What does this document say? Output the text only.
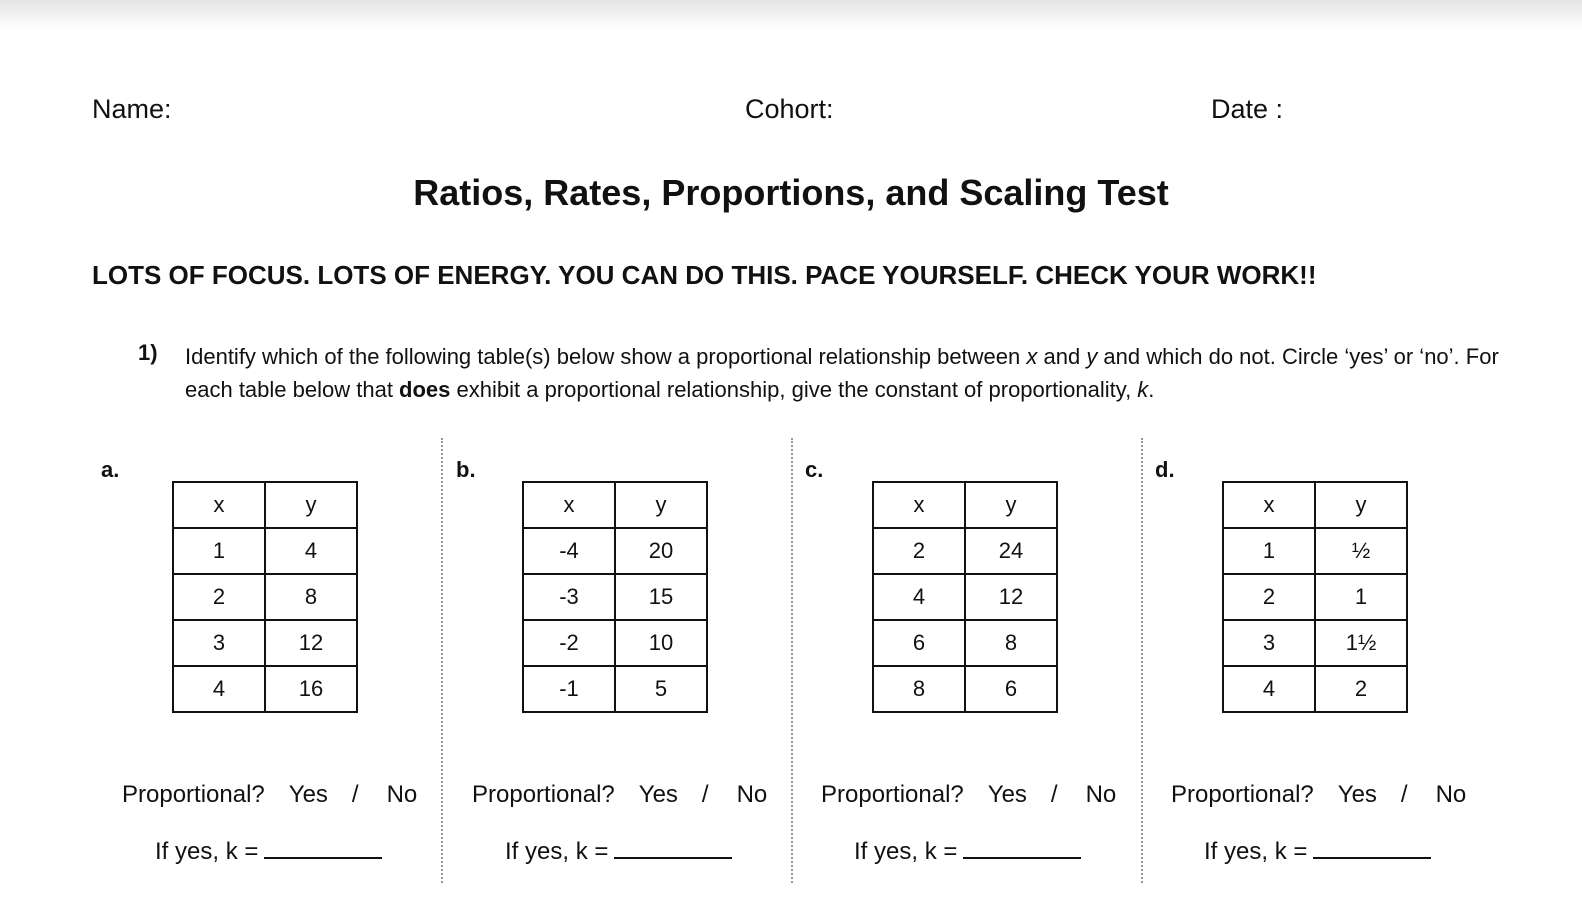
Name:	Cohort:	Date :
Ratios, Rates, Proportions, and Scaling Test
LOTS OF FOCUS. LOTS OF ENERGY. YOU CAN DO THIS. PACE YOURSELF. CHECK YOUR WORK!!
1) Identify which of the following table(s) below show a proportional relationship between x and y and which do not. Circle ‘yes’ or ‘no’. For each table below that does exhibit a proportional relationship, give the constant of proportionality, k.
a.
x	y
1	4
2	8
3	12
4	16
Proportional? Yes / No
If yes, k =
b.
x	y
-4	20
-3	15
-2	10
-1	5
Proportional? Yes / No
If yes, k =
c.
x	y
2	24
4	12
6	8
8	6
Proportional? Yes / No
If yes, k =
d.
x	y
1	½
2	1
3	1½
4	2
Proportional? Yes / No
If yes, k =
